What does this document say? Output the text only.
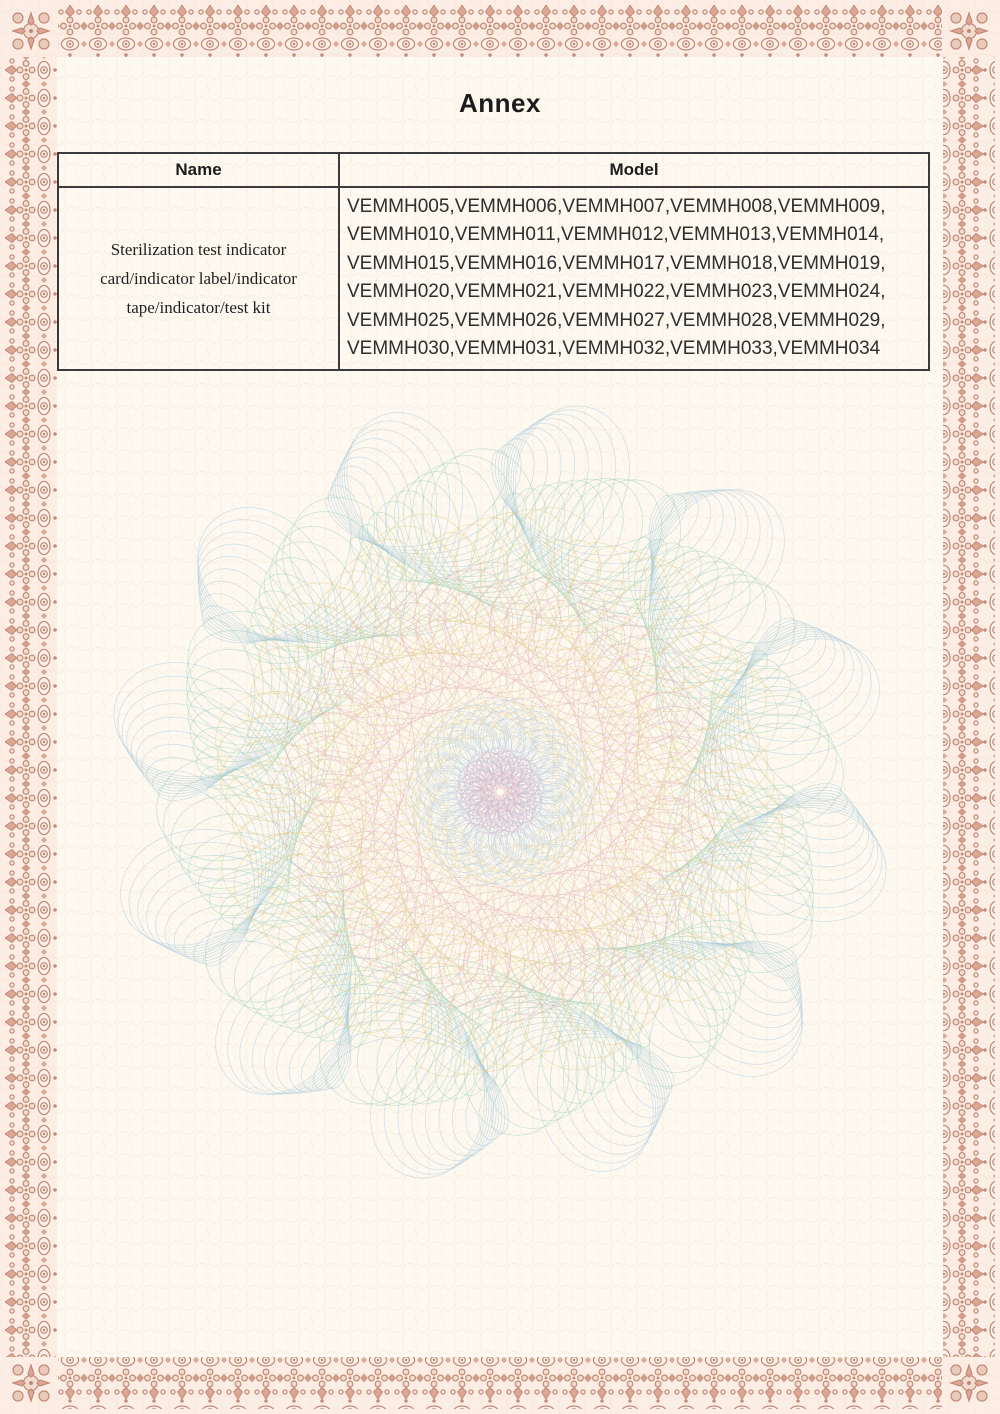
Annex
Name	Model
Sterilization test indicator
card/indicator label/indicator
tape/indicator/test kit	VEMMH005,VEMMH006,VEMMH007,VEMMH008,VEMMH009,
VEMMH010,VEMMH011,VEMMH012,VEMMH013,VEMMH014,
VEMMH015,VEMMH016,VEMMH017,VEMMH018,VEMMH019,
VEMMH020,VEMMH021,VEMMH022,VEMMH023,VEMMH024,
VEMMH025,VEMMH026,VEMMH027,VEMMH028,VEMMH029,
VEMMH030,VEMMH031,VEMMH032,VEMMH033,VEMMH034
